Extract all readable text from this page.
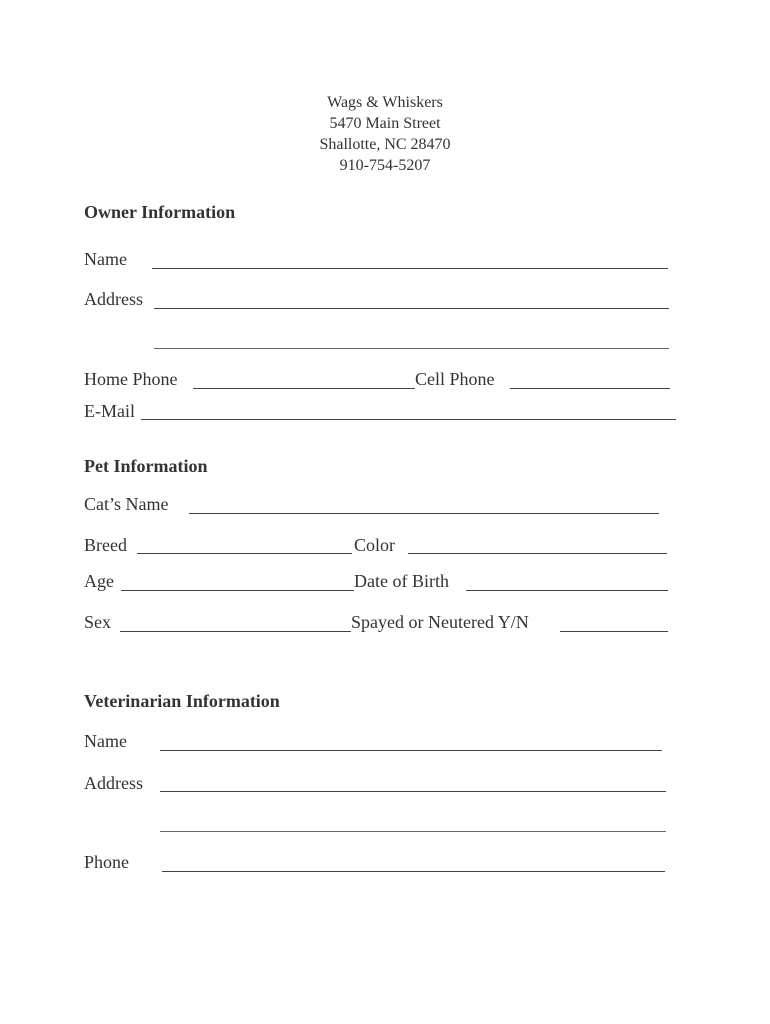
Wags & Whiskers
5470 Main Street
Shallotte, NC 28470
910-754-5207
Owner Information
Name
Address
Home Phone	Cell Phone
E-Mail
Pet Information
Cat’s Name
Breed	Color
Age	Date of Birth
Sex	Spayed or Neutered Y/N
Veterinarian Information
Name
Address
Phone
